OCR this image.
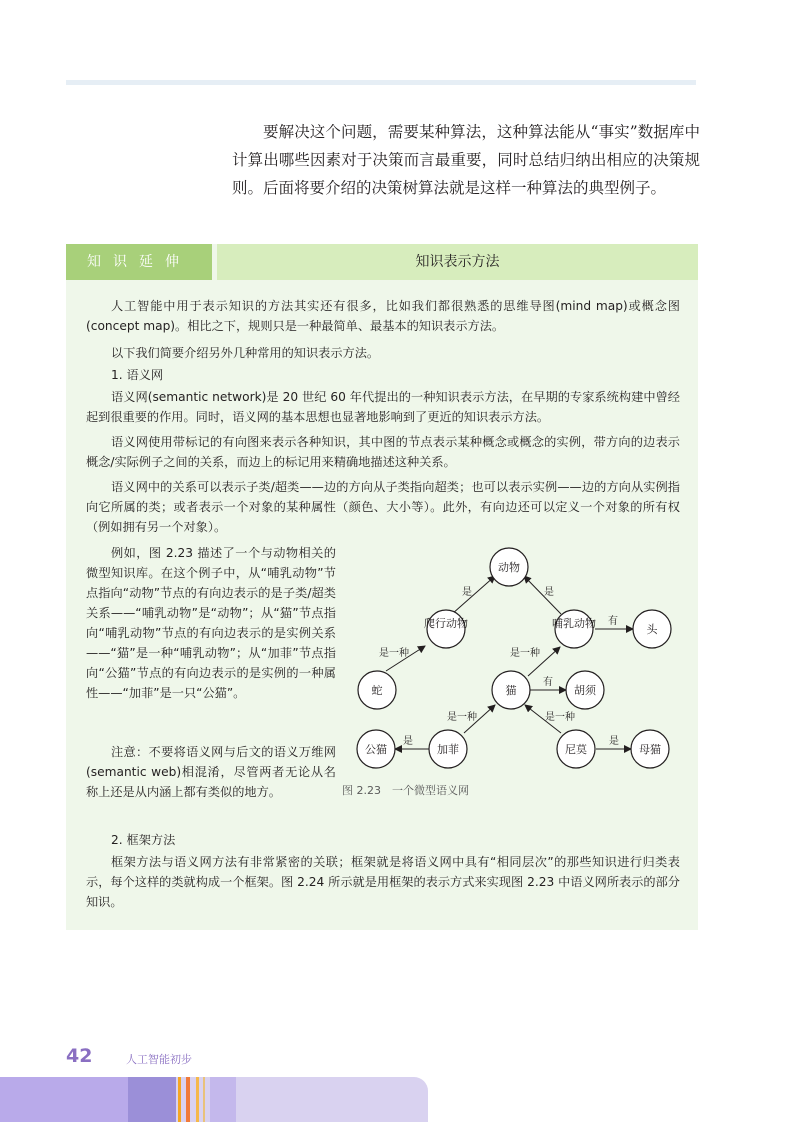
要解决这个问题，需要某种算法，这种算法能从“事实”数据库中计算出哪些因素对于决策而言最重要，同时总结归纳出相应的决策规则。后面将要介绍的决策树算法就是这样一种算法的典型例子。

知识延伸	知识表示方法

人工智能中用于表示知识的方法其实还有很多，比如我们都很熟悉的思维导图(mind map)或概念图(concept map)。相比之下，规则只是一种最简单、最基本的知识表示方法。

以下我们简要介绍另外几种常用的知识表示方法。

1. 语义网

语义网(semantic network)是 20 世纪 60 年代提出的一种知识表示方法，在早期的专家系统构建中曾经起到很重要的作用。同时，语义网的基本思想也显著地影响到了更近的知识表示方法。

语义网使用带标记的有向图来表示各种知识，其中图的节点表示某种概念或概念的实例，带方向的边表示概念/实际例子之间的关系，而边上的标记用来精确地描述这种关系。

语义网中的关系可以表示子类/超类——边的方向从子类指向超类；也可以表示实例——边的方向从实例指向它所属的类；或者表示一个对象的某种属性（颜色、大小等）。此外，有向边还可以定义一个对象的所有权（例如拥有另一个对象）。

例如，图 2.23 描述了一个与动物相关的微型知识库。在这个例子中，从“哺乳动物”节点指向“动物”节点的有向边表示的是子类/超类关系——“哺乳动物”是“动物”；从“猫”节点指向“哺乳动物”节点的有向边表示的是实例关系——“猫”是一种“哺乳动物”；从“加菲”节点指向“公猫”节点的有向边表示的是实例的一种属性——“加菲”是一只“公猫”。

注意：不要将语义网与后文的语义万维网(semantic web)相混淆，尽管两者无论从名称上还是从内涵上都有类似的地方。

2. 框架方法

框架方法与语义网方法有非常紧密的关联；框架就是将语义网中具有“相同层次”的那些知识进行归类表示，每个这样的类就构成一个框架。图 2.24 所示就是用框架的表示方式来实现图 2.23 中语义网所表示的部分知识。

动物
爬行动物	哺乳动物	头
蛇	猫	胡须
公猫	加菲	尼莫	母猫
是	是
有
是一种	是一种
有
是一种	是一种
是	是
图 2.23　一个微型语义网
42	人工智能初步
